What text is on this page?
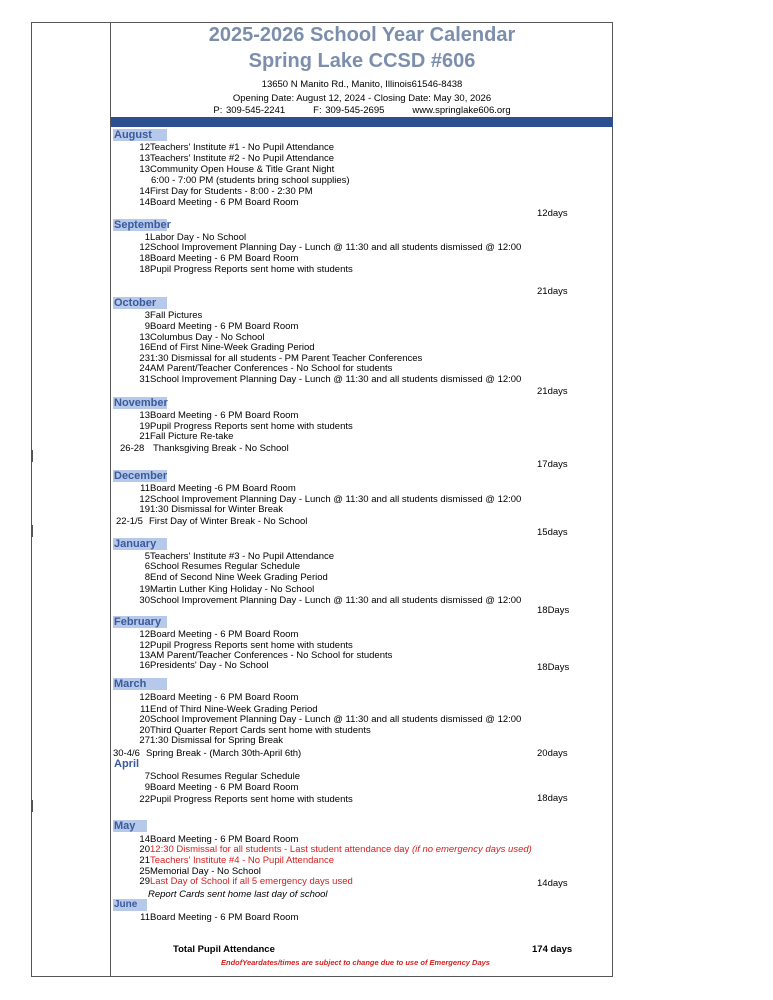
2025-2026 School Year Calendar
Spring Lake CCSD #606
13650 N Manito Rd., Manito, Illinois61546-8438
Opening Date: August 12, 2024 - Closing Date: May 30, 2026
P: 309-545-2241	F: 309-545-2695	www.springlake606.org
August
12Teachers' Institute #1 - No Pupil Attendance
13Teachers' Institute #2 - No Pupil Attendance
13Community Open House & Title Grant Night
6:00 - 7:00 PM (students bring school supplies)
14First Day for Students - 8:00 - 2:30 PM
14Board Meeting - 6 PM Board Room
12days
September
1Labor Day - No School
12School Improvement Planning Day - Lunch @ 11:30 and all students dismissed @ 12:00
18Board Meeting - 6 PM Board Room
18Pupil Progress Reports sent home with students
21days
October
3Fall Pictures
9Board Meeting - 6 PM Board Room
13Columbus Day - No School
16End of First Nine-Week Grading Period
231:30 Dismissal for all students - PM Parent Teacher Conferences
24AM Parent/Teacher Conferences - No School for students
31School Improvement Planning Day - Lunch @ 11:30 and all students dismissed @ 12:00
21days
November
13Board Meeting - 6 PM Board Room
19Pupil Progress Reports sent home with students
21Fall Picture Re-take
26-28 Thanksgiving Break - No School
17days
December
11Board Meeting -6 PM Board Room
12School Improvement Planning Day - Lunch @ 11:30 and all students dismissed @ 12:00
191:30 Dismissal for Winter Break
22-1/5 First Day of Winter Break - No School
15days
January
5Teachers' Institute #3 - No Pupil Attendance
6School Resumes Regular Schedule
8End of Second Nine Week Grading Period
19Martin Luther King Holiday - No School
30School Improvement Planning Day - Lunch @ 11:30 and all students dismissed @ 12:00
18Days
February
12Board Meeting - 6 PM Board Room
12Pupil Progress Reports sent home with students
13AM Parent/Teacher Conferences - No School for students
16Presidents' Day - No School	18Days
March
12Board Meeting - 6 PM Board Room
11End of Third Nine-Week Grading Period
20School Improvement Planning Day - Lunch @ 11:30 and all students dismissed @ 12:00
20Third Quarter Report Cards sent home with students
271:30 Dismissal for Spring Break
30-4/6 Spring Break - (March 30th-April 6th)	20days
April
7School Resumes Regular Schedule
9Board Meeting - 6 PM Board Room
22Pupil Progress Reports sent home with students	18days
May
14Board Meeting - 6 PM Board Room
2012:30 Dismissal for all students - Last student attendance day (if no emergency days used)
21Teachers' Institute #4 - No Pupil Attendance
25Memorial Day - No School
29Last Day of School if all 5 emergency days used
Report Cards sent home last day of school
14days
June
11Board Meeting - 6 PM Board Room
Total Pupil Attendance	174 days
EndofYeardates/times are subject to change due to use of Emergency Days
